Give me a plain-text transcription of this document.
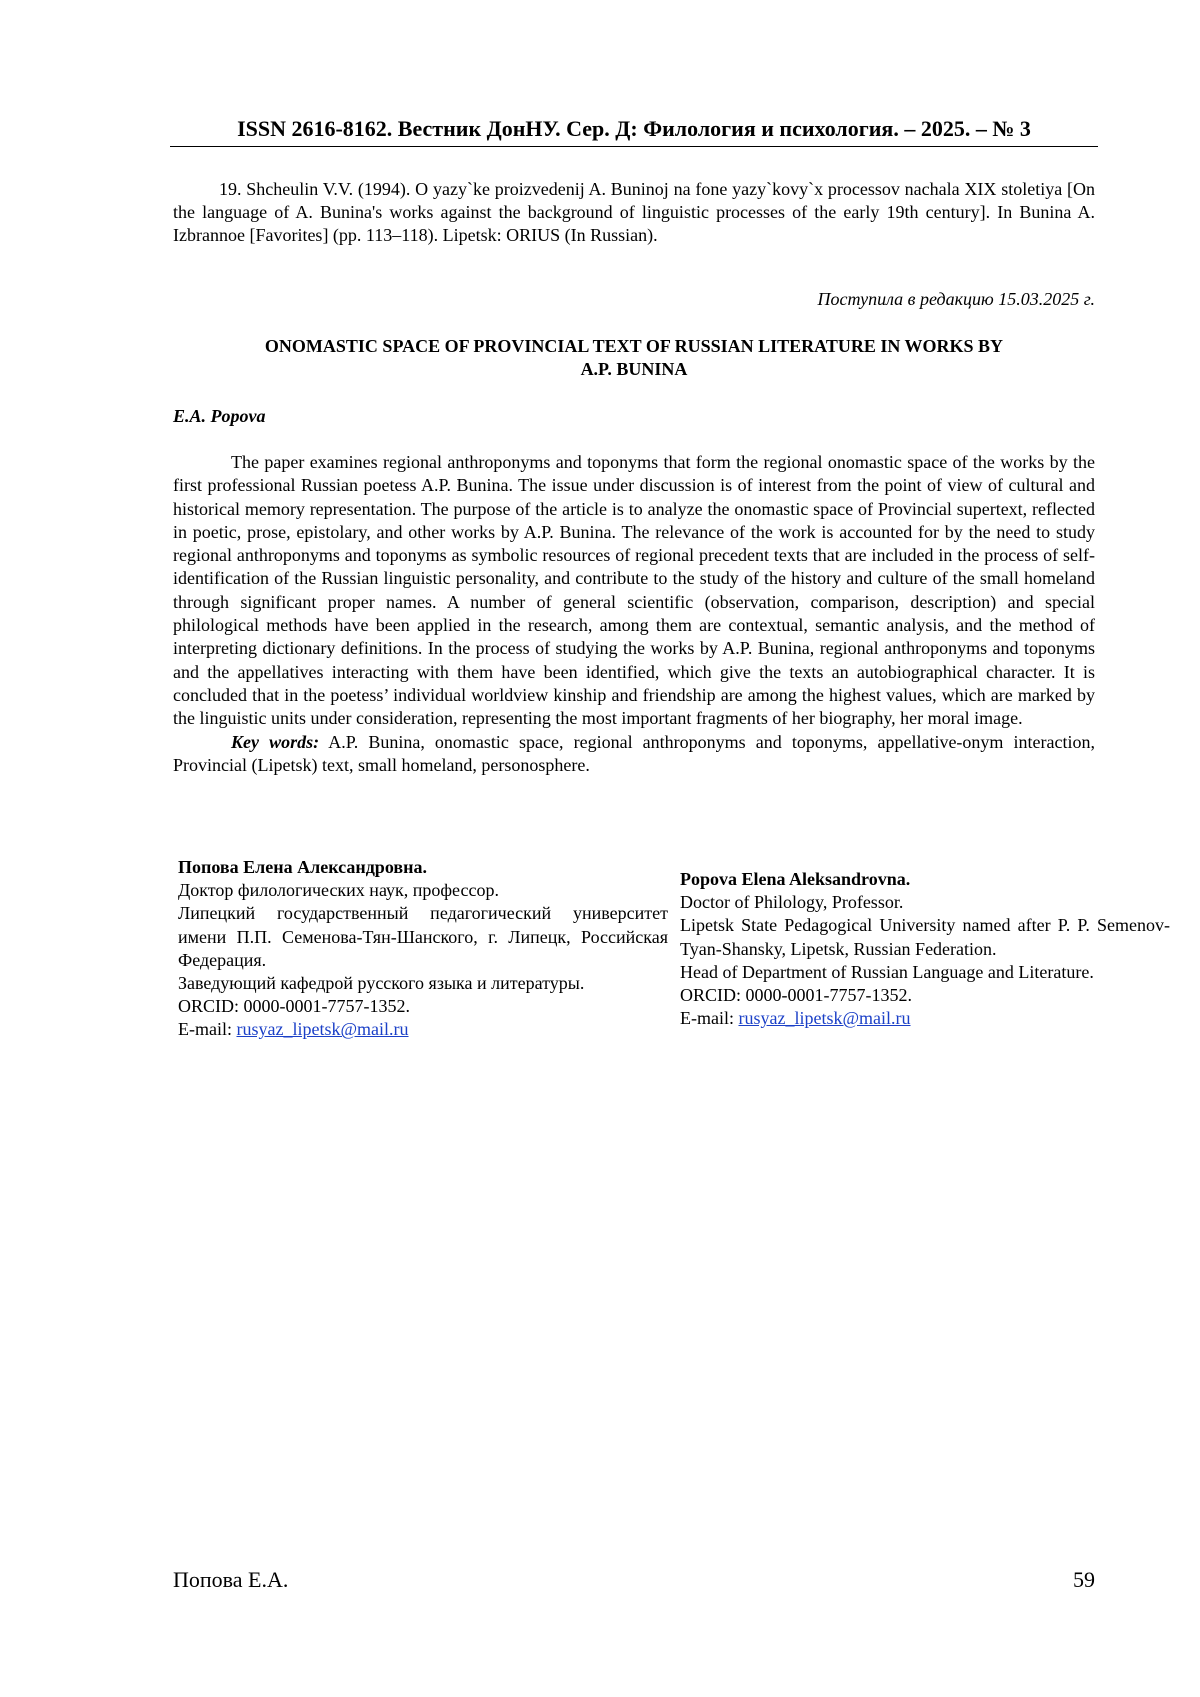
ISSN 2616-8162. Вестник ДонНУ. Сер. Д: Филология и психология. – 2025. – № 3
19. Shcheulin V.V. (1994). O yazy`ke proizvedenij A. Buninoj na fone yazy`kovy`x processov nachala XIX stoletiya [On the language of A. Bunina's works against the background of linguistic processes of the early 19th century]. In Bunina A. Izbrannoe [Favorites] (pp. 113–118). Lipetsk: ORIUS (In Russian).
Поступила в редакцию 15.03.2025 г.
ONOMASTIC SPACE OF PROVINCIAL TEXT OF RUSSIAN LITERATURE IN WORKS BY
A.P. BUNINA
E.A. Popova

The paper examines regional anthroponyms and toponyms that form the regional onomastic space of the works by the first professional Russian poetess A.P. Bunina. The issue under discussion is of interest from the point of view of cultural and historical memory representation. The purpose of the article is to analyze the onomastic space of Provincial supertext, reflected in poetic, prose, epistolary, and other works by A.P. Bunina. The relevance of the work is accounted for by the need to study regional anthroponyms and toponyms as symbolic resources of regional precedent texts that are included in the process of self-identification of the Russian linguistic personality, and contribute to the study of the history and culture of the small homeland through significant proper names. A number of general scientific (observation, comparison, description) and special philological methods have been applied in the research, among them are contextual, semantic analysis, and the method of interpreting dictionary definitions. In the process of studying the works by A.P. Bunina, regional anthroponyms and toponyms and the appellatives interacting with them have been identified, which give the texts an autobiographical character. It is concluded that in the poetess’ individual worldview kinship and friendship are among the highest values, which are marked by the linguistic units under consideration, representing the most important fragments of her biography, her moral image.

Key words: A.P. Bunina, onomastic space, regional anthroponyms and toponyms, appellative-onym interaction, Provincial (Lipetsk) text, small homeland, personosphere.

Попова Елена Александровна.
Доктор филологических наук, профессор.
Липецкий государственный педагогический университет имени П.П. Семенова-Тян-Шанского, г. Липецк, Российская Федерация.
Заведующий кафедрой русского языка и литературы.
ORCID: 0000-0001-7757-1352.
E-mail: rusyaz_lipetsk@mail.ru
Popova Elena Aleksandrovna.
Doctor of Philology, Professor.
Lipetsk State Pedagogical University named after P. P. Semenov-Tyan-Shansky, Lipetsk, Russian Federation.
Head of Department of Russian Language and Literature.
ORCID: 0000-0001-7757-1352.
E-mail: rusyaz_lipetsk@mail.ru
Попова Е.А.	59
